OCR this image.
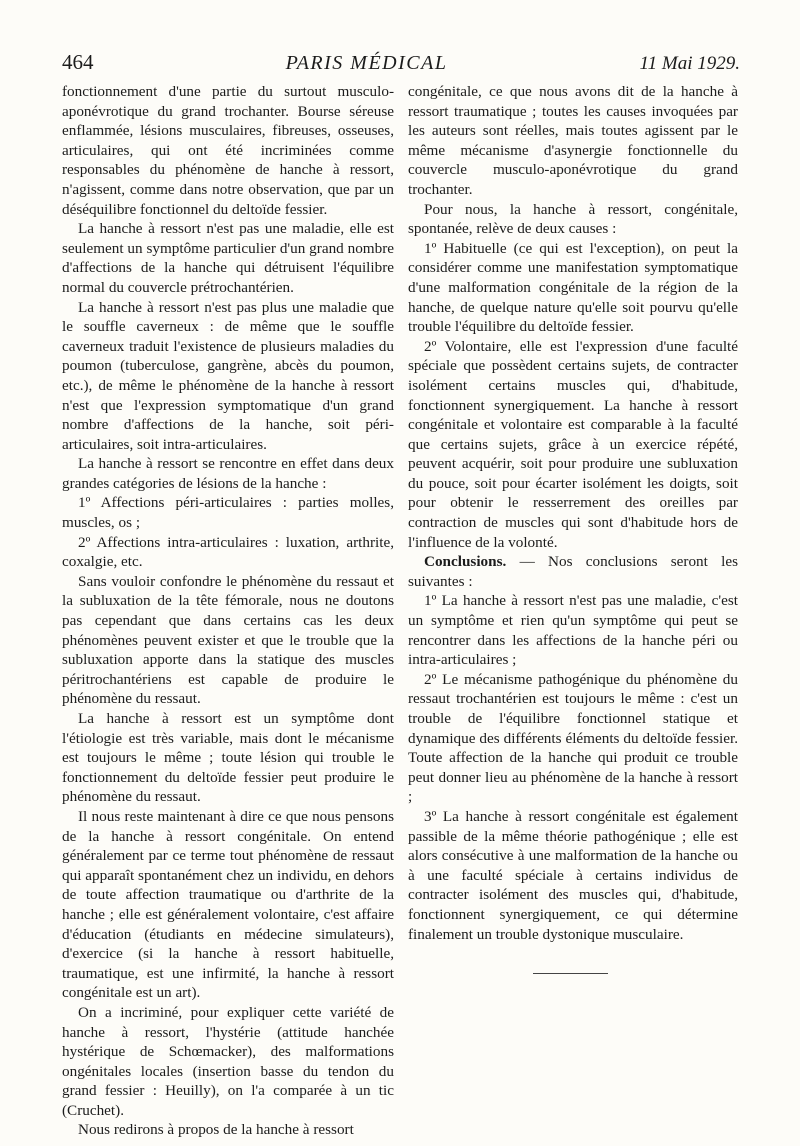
464	PARIS MÉDICAL	11 Mai 1929.

fonctionnement d'une partie du surtout musculo-aponévrotique du grand trochanter. Bourse séreuse enflammée, lésions musculaires, fibreuses, osseuses, articulaires, qui ont été incriminées comme responsables du phénomène de hanche à ressort, n'agissent, comme dans notre observation, que par un déséquilibre fonctionnel du deltoïde fessier.

La hanche à ressort n'est pas une maladie, elle est seulement un symptôme particulier d'un grand nombre d'affections de la hanche qui détruisent l'équilibre normal du couvercle prétrochantérien.

La hanche à ressort n'est pas plus une maladie que le souffle caverneux : de même que le souffle caverneux traduit l'existence de plusieurs maladies du poumon (tuberculose, gangrène, abcès du poumon, etc.), de même le phénomène de la hanche à ressort n'est que l'expression symptomatique d'un grand nombre d'affections de la hanche, soit péri-articulaires, soit intra-articulaires.

La hanche à ressort se rencontre en effet dans deux grandes catégories de lésions de la hanche :

1º Affections péri-articulaires : parties molles, muscles, os ;

2º Affections intra-articulaires : luxation, arthrite, coxalgie, etc.

Sans vouloir confondre le phénomène du ressaut et la subluxation de la tête fémorale, nous ne doutons pas cependant que dans certains cas les deux phénomènes peuvent exister et que le trouble que la subluxation apporte dans la statique des muscles péritrochantériens est capable de produire le phénomène du ressaut.

La hanche à ressort est un symptôme dont l'étiologie est très variable, mais dont le mécanisme est toujours le même ; toute lésion qui trouble le fonctionnement du deltoïde fessier peut produire le phénomène du ressaut.

Il nous reste maintenant à dire ce que nous pensons de la hanche à ressort congénitale. On entend généralement par ce terme tout phénomène de ressaut qui apparaît spontanément chez un individu, en dehors de toute affection traumatique ou d'arthrite de la hanche ; elle est généralement volontaire, c'est affaire d'éducation (étudiants en médecine simulateurs), d'exercice (si la hanche à ressort habituelle, traumatique, est une infirmité, la hanche à ressort congénitale est un art).

On a incriminé, pour expliquer cette variété de hanche à ressort, l'hystérie (attitude hanchée hystérique de Schœmacker), des malformations ongénitales locales (insertion basse du tendon du grand fessier : Heuilly), on l'a comparée à un tic (Cruchet).

Nous redirons à propos de la hanche à ressort

congénitale, ce que nous avons dit de la hanche à ressort traumatique ; toutes les causes invoquées par les auteurs sont réelles, mais toutes agissent par le même mécanisme d'asynergie fonctionnelle du couvercle musculo-aponévrotique du grand trochanter.

Pour nous, la hanche à ressort, congénitale, spontanée, relève de deux causes :

1º Habituelle (ce qui est l'exception), on peut la considérer comme une manifestation symptomatique d'une malformation congénitale de la région de la hanche, de quelque nature qu'elle soit pourvu qu'elle trouble l'équilibre du deltoïde fessier.

2º Volontaire, elle est l'expression d'une faculté spéciale que possèdent certains sujets, de contracter isolément certains muscles qui, d'habitude, fonctionnent synergiquement. La hanche à ressort congénitale et volontaire est comparable à la faculté que certains sujets, grâce à un exercice répété, peuvent acquérir, soit pour produire une subluxation du pouce, soit pour écarter isolément les doigts, soit pour obtenir le resserrement des oreilles par contraction de muscles qui sont d'habitude hors de l'influence de la volonté.

Conclusions. — Nos conclusions seront les suivantes :

1º La hanche à ressort n'est pas une maladie, c'est un symptôme et rien qu'un symptôme qui peut se rencontrer dans les affections de la hanche péri ou intra-articulaires ;

2º Le mécanisme pathogénique du phénomène du ressaut trochantérien est toujours le même : c'est un trouble de l'équilibre fonctionnel statique et dynamique des différents éléments du deltoïde fessier. Toute affection de la hanche qui produit ce trouble peut donner lieu au phénomène de la hanche à ressort ;

3º La hanche à ressort congénitale est également passible de la même théorie pathogénique ; elle est alors consécutive à une malformation de la hanche ou à une faculté spéciale à certains individus de contracter isolément des muscles qui, d'habitude, fonctionnent synergiquement, ce qui détermine finalement un trouble dystonique musculaire.
